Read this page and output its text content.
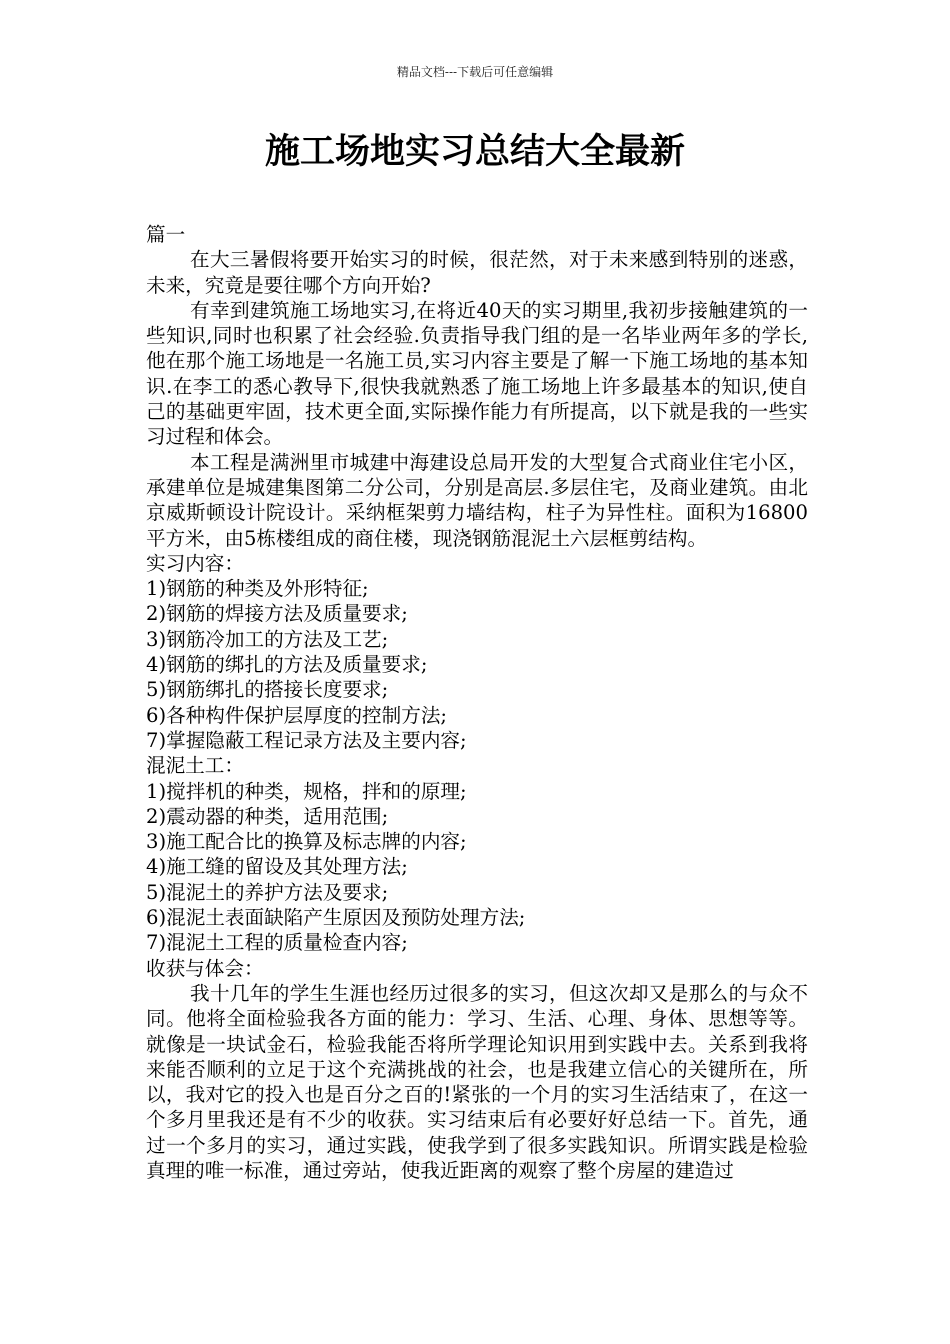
精品文档---下载后可任意编辑
施工场地实习总结大全最新

篇一

在大三暑假将要开始实习的时候，很茫然，对于未来感到特别的迷惑，未来，究竟是要往哪个方向开始?

有幸到建筑施工场地实习,在将近40天的实习期里,我初步接触建筑的一些知识,同时也积累了社会经验.负责指导我门组的是一名毕业两年多的学长,他在那个施工场地是一名施工员,实习内容主要是了解一下施工场地的基本知识.在李工的悉心教导下,很快我就熟悉了施工场地上许多最基本的知识,使自己的基础更牢固，技术更全面,实际操作能力有所提高，以下就是我的一些实习过程和体会。

本工程是满洲里市城建中海建设总局开发的大型复合式商业住宅小区，承建单位是城建集图第二分公司，分别是高层.多层住宅，及商业建筑。由北京威斯顿设计院设计。采纳框架剪力墙结构，柱子为异性柱。面积为16800平方米，由5栋楼组成的商住楼，现浇钢筋混泥土六层框剪结构。

实习内容：

1)钢筋的种类及外形特征;

2)钢筋的焊接方法及质量要求;

3)钢筋冷加工的方法及工艺;

4)钢筋的绑扎的方法及质量要求;

5)钢筋绑扎的搭接长度要求;

6)各种构件保护层厚度的控制方法;

7)掌握隐蔽工程记录方法及主要内容;

混泥土工：

1)搅拌机的种类，规格，拌和的原理;

2)震动器的种类，适用范围;

3)施工配合比的换算及标志牌的内容;

4)施工缝的留设及其处理方法;

5)混泥土的养护方法及要求;

6)混泥土表面缺陷产生原因及预防处理方法;

7)混泥土工程的质量检查内容;

收获与体会：

我十几年的学生生涯也经历过很多的实习，但这次却又是那么的与众不同。他将全面检验我各方面的能力：学习、生活、心理、身体、思想等等。就像是一块试金石，检验我能否将所学理论知识用到实践中去。关系到我将来能否顺利的立足于这个充满挑战的社会，也是我建立信心的关键所在，所以，我对它的投入也是百分之百的!紧张的一个月的实习生活结束了，在这一个多月里我还是有不少的收获。实习结束后有必要好好总结一下。首先，通过一个多月的实习，通过实践，使我学到了很多实践知识。所谓实践是检验真理的唯一标准，通过旁站，使我近距离的观察了整个房屋的建造过
